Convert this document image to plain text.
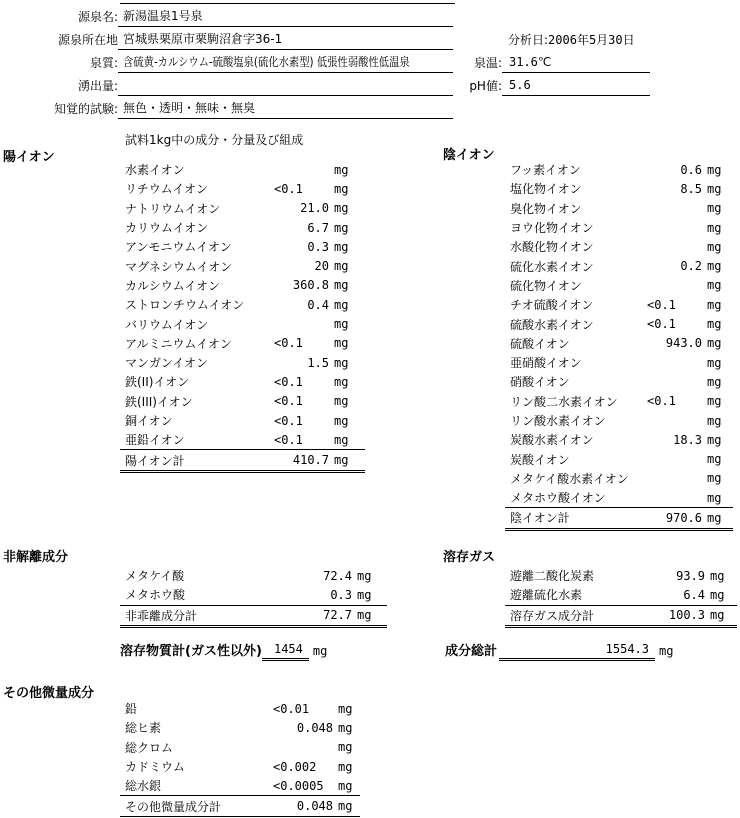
源泉名: 新湯温泉1号泉
源泉所在地 宮城県栗原市栗駒沼倉字36-1
泉質: 含硫黄-カルシウム-硫酸塩泉(硫化水素型) 低張性弱酸性低温泉
湧出量:
知覚的試験: 無色・透明・無味・無臭
分析日: 2006年5月30日
泉温: 31.6℃
pH値: 5.6
試料1kg中の成分・分量及び組成
陽イオン	陰イオン
非解離成分	溶存ガス
その他微量成分
水素イオン	mg
リチウムイオン	<0.1	mg
ナトリウムイオン	21.0 mg
カリウムイオン	6.7 mg
アンモニウムイオン	0.3 mg
マグネシウムイオン	20 mg
カルシウムイオン	360.8 mg
ストロンチウムイオン	0.4 mg
バリウムイオン	mg
アルミニウムイオン	<0.1	mg
マンガンイオン	1.5 mg
鉄(II)イオン	<0.1	mg
鉄(III)イオン	<0.1	mg
銅イオン	<0.1	mg
亜鉛イオン	<0.1	mg
陽イオン計	410.7 mg
フッ素イオン	0.6 mg
塩化物イオン	8.5 mg
臭化物イオン	mg
ヨウ化物イオン	mg
水酸化物イオン	mg
硫化水素イオン	0.2 mg
硫化物イオン	mg
チオ硫酸イオン	<0.1	mg
硫酸水素イオン	<0.1	mg
硫酸イオン	943.0 mg
亜硝酸イオン	mg
硝酸イオン	mg
リン酸二水素イオン	<0.1	mg
リン酸水素イオン	mg
炭酸水素イオン	18.3 mg
炭酸イオン	mg
メタケイ酸水素イオン	mg
メタホウ酸イオン	mg
陰イオン計	970.6 mg
メタケイ酸	72.4 mg
メタホウ酸	0.3 mg
非乖離成分計	72.7 mg
遊離二酸化炭素	93.9 mg
遊離硫化水素	6.4 mg
溶存ガス成分計	100.3 mg
溶存物質計(ガス性以外)	1454 mg	成分総計	1554.3 mg
鉛	<0.01	mg
総ヒ素	0.048 mg
総クロム	mg
カドミウム	<0.002	mg
総水銀	<0.0005	mg
その他微量成分計	0.048 mg
